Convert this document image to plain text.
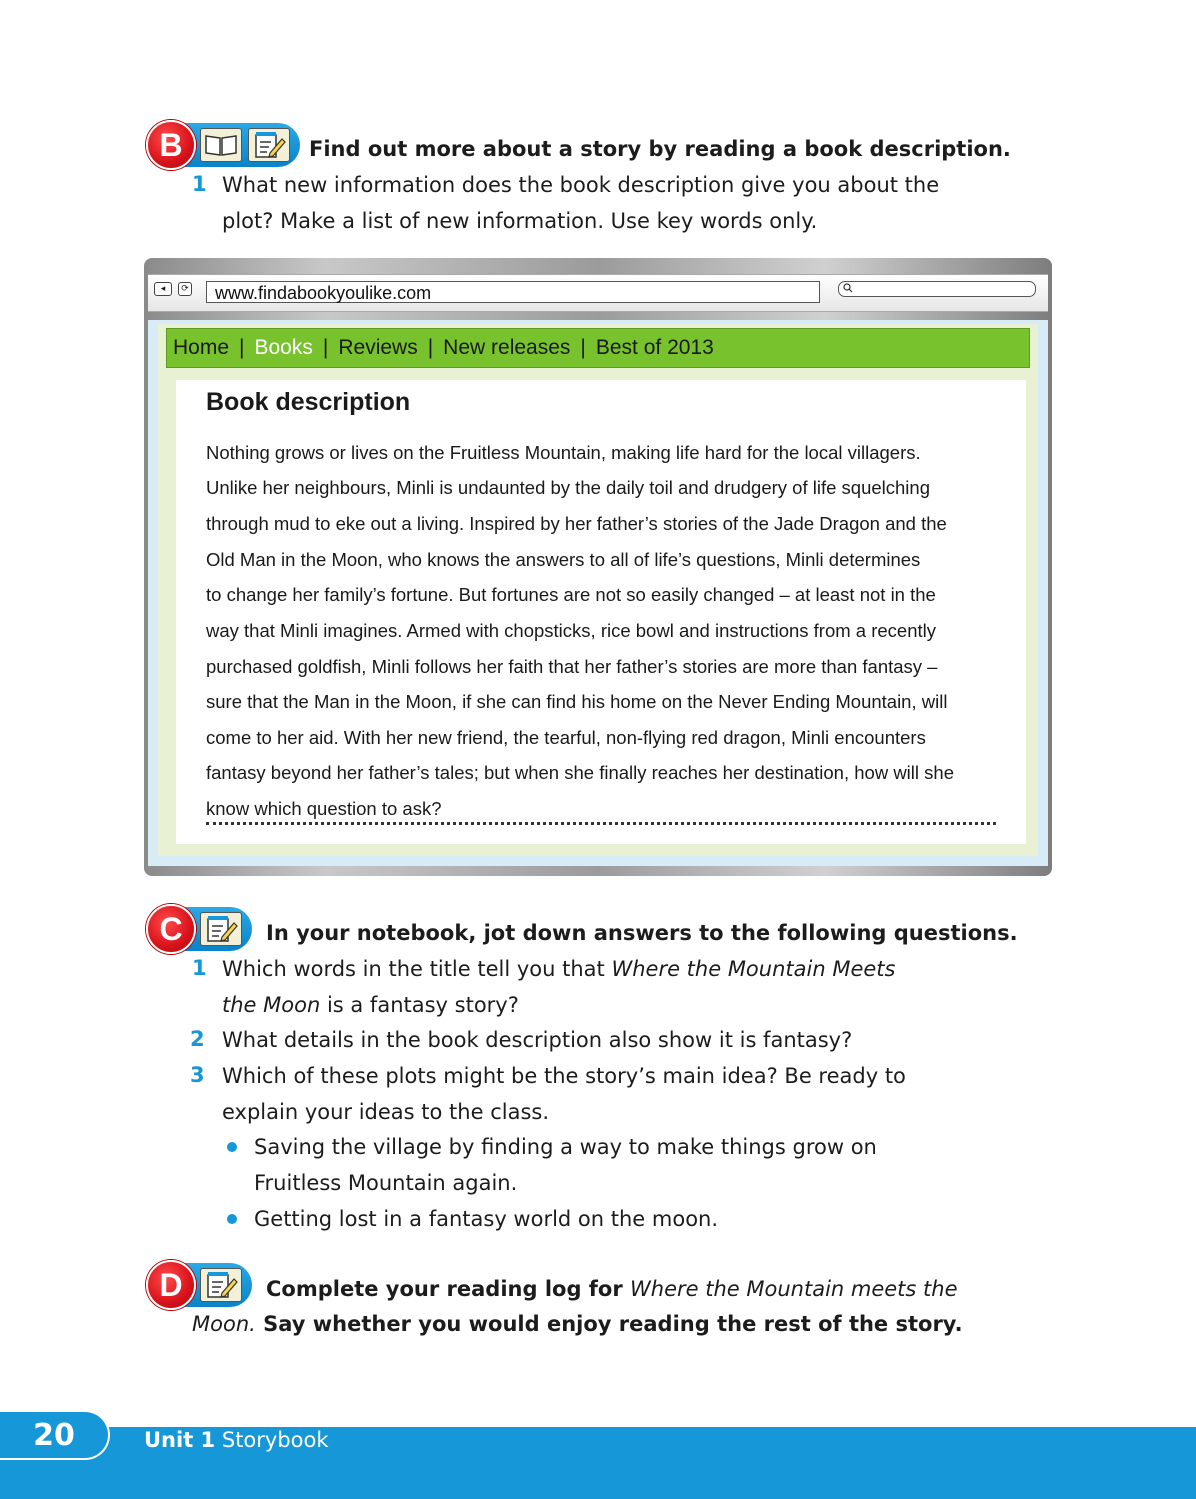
B	Find out more about a story by reading a book description.
1 What new information does the book description give you about the
plot? Make a list of new information. Use key words only.
◂	⟳	www.findabookyoulike.com
Home | Books | Reviews | New releases | Best of 2013
Book description
Nothing grows or lives on the Fruitless Mountain, making life hard for the local villagers.
Unlike her neighbours, Minli is undaunted by the daily toil and drudgery of life squelching
through mud to eke out a living. Inspired by her father’s stories of the Jade Dragon and the
Old Man in the Moon, who knows the answers to all of life’s questions, Minli determines
to change her family’s fortune. But fortunes are not so easily changed – at least not in the
way that Minli imagines. Armed with chopsticks, rice bowl and instructions from a recently
purchased goldfish, Minli follows her faith that her father’s stories are more than fantasy –
sure that the Man in the Moon, if she can find his home on the Never Ending Mountain, will
come to her aid. With her new friend, the tearful, non-flying red dragon, Minli encounters
fantasy beyond her father’s tales; but when she finally reaches her destination, how will she
know which question to ask?
C	In your notebook, jot down answers to the following questions.
1 Which words in the title tell you that Where the Mountain Meets
the Moon is a fantasy story?
2 What details in the book description also show it is fantasy?
3 Which of these plots might be the story’s main idea? Be ready to
explain your ideas to the class.
Saving the village by finding a way to make things grow on
Fruitless Mountain again.
Getting lost in a fantasy world on the moon.
D	Complete your reading log for Where the Mountain meets the
Moon. Say whether you would enjoy reading the rest of the story.
20	Unit 1 Storybook
